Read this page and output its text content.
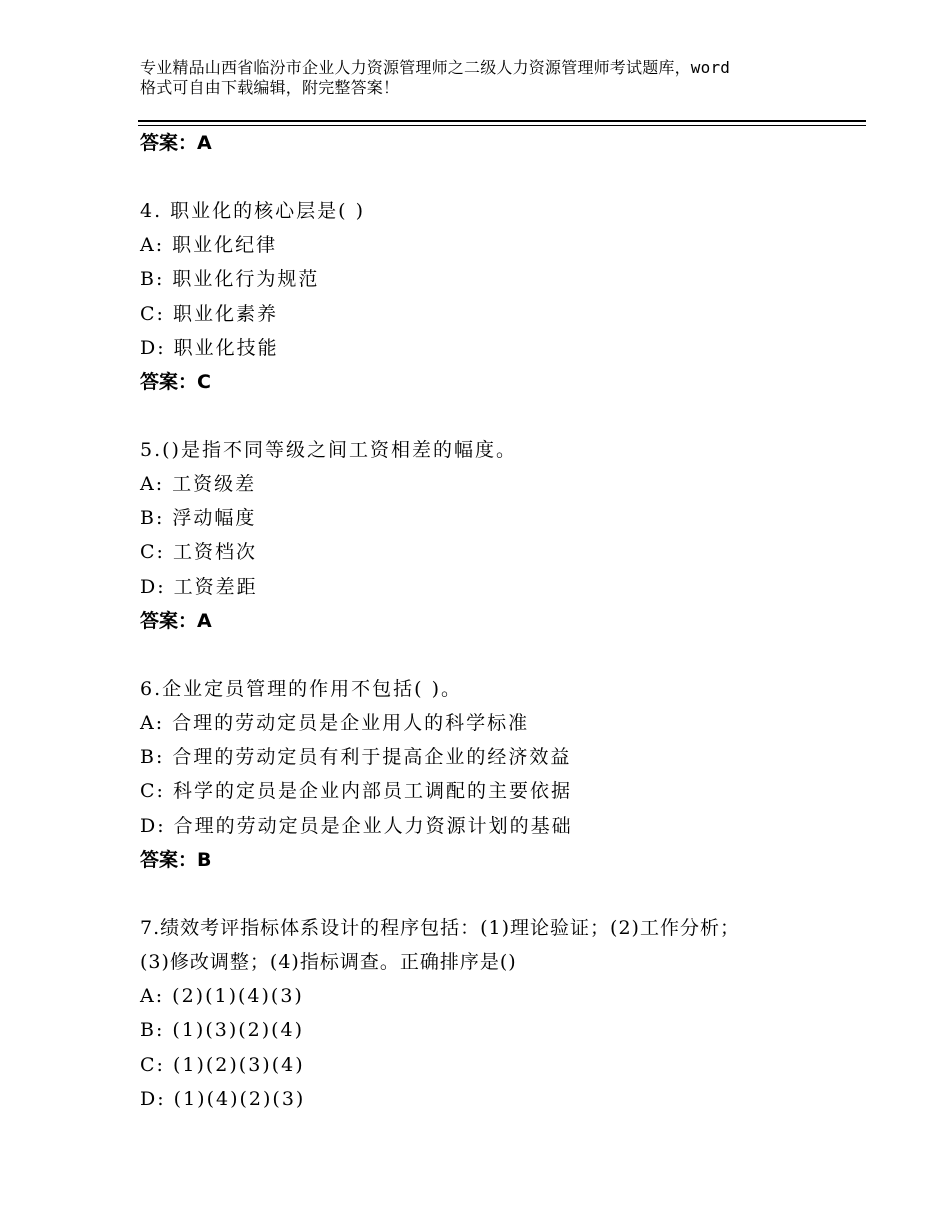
专业精品山西省临汾市企业人力资源管理师之二级人力资源管理师考试题库，word
格式可自由下载编辑，附完整答案！
答案：A
4. 职业化的核心层是( )
A: 职业化纪律
B: 职业化行为规范
C: 职业化素养
D: 职业化技能
答案：C
5.()是指不同等级之间工资相差的幅度。
A: 工资级差
B: 浮动幅度
C: 工资档次
D: 工资差距
答案：A
6.企业定员管理的作用不包括( )。
A: 合理的劳动定员是企业用人的科学标准
B: 合理的劳动定员有利于提高企业的经济效益
C: 科学的定员是企业内部员工调配的主要依据
D: 合理的劳动定员是企业人力资源计划的基础
答案：B
7.绩效考评指标体系设计的程序包括：(1)理论验证；(2)工作分析；
(3)修改调整；(4)指标调查。正确排序是()
A: (2)(1)(4)(3)
B: (1)(3)(2)(4)
C: (1)(2)(3)(4)
D: (1)(4)(2)(3)
